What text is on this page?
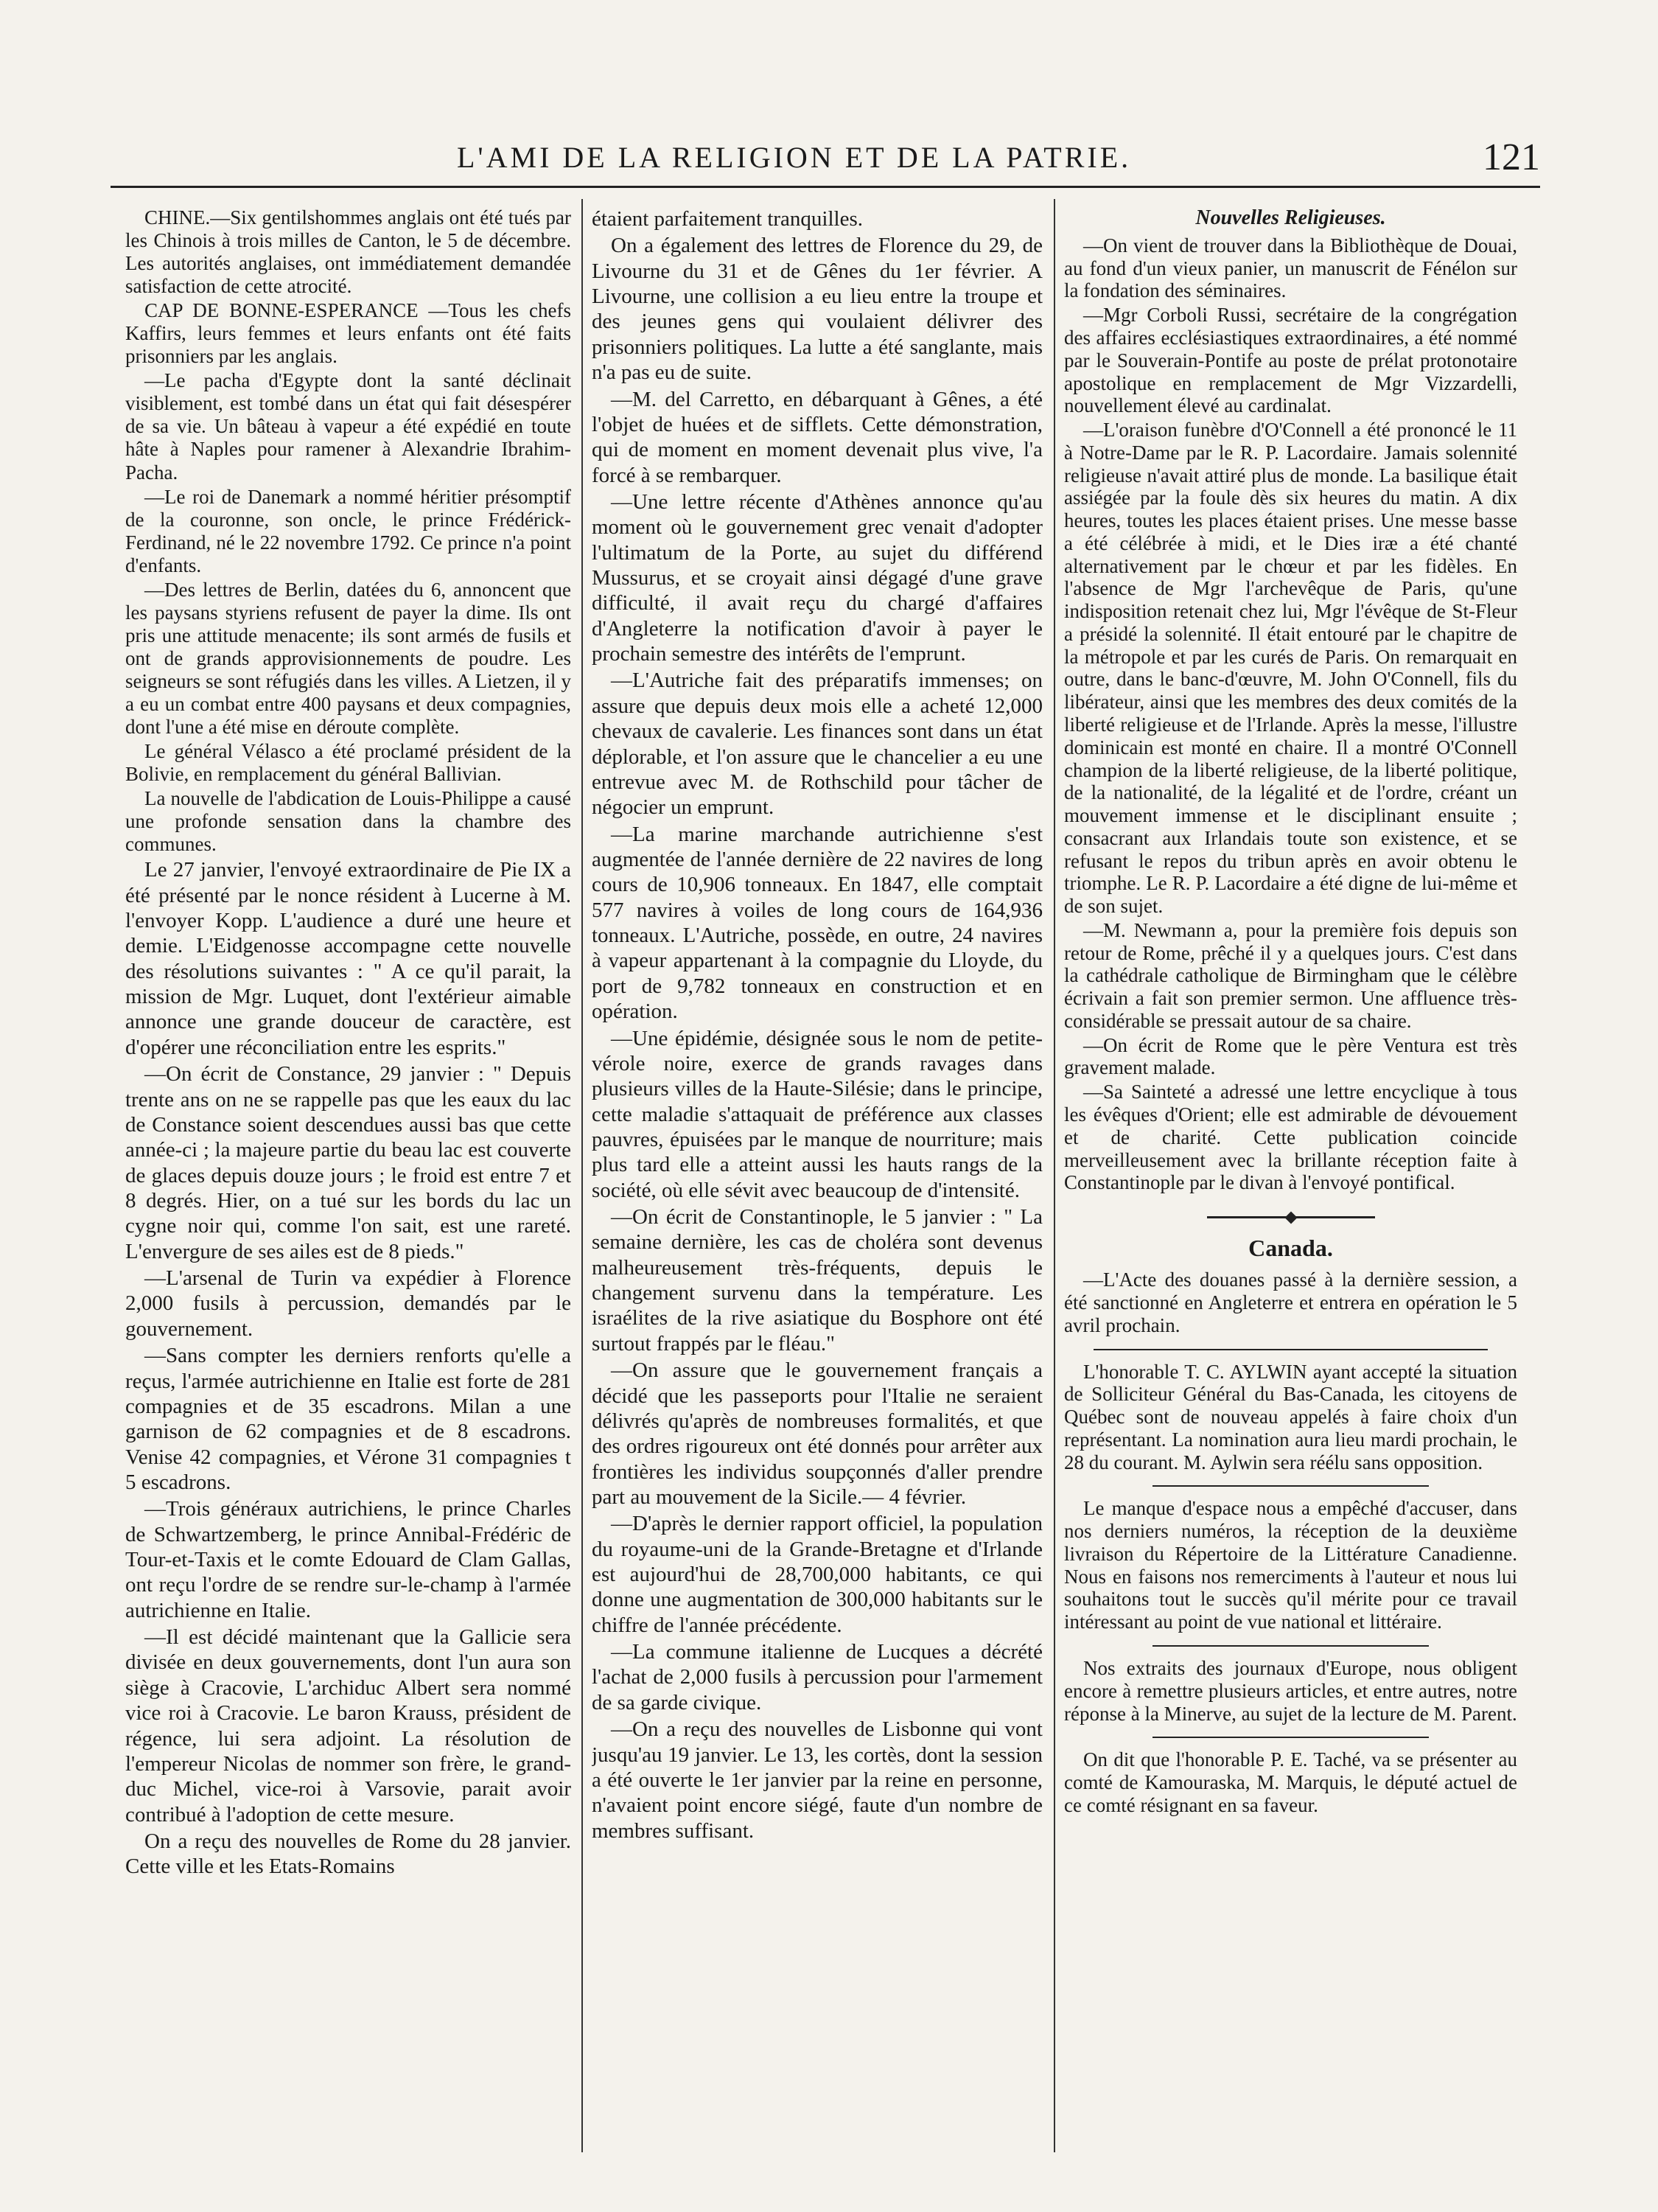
L'AMI DE LA RELIGION ET DE LA PATRIE.	121

CHINE.—Six gentilshommes anglais ont été tués par les Chinois à trois milles de Canton, le 5 de décembre. Les autorités anglaises, ont immédiatement demandée satisfaction de cette atrocité.

CAP DE BONNE-ESPERANCE —Tous les chefs Kaffirs, leurs femmes et leurs enfants ont été faits prisonniers par les anglais.

—Le pacha d'Egypte dont la santé déclinait visiblement, est tombé dans un état qui fait désespérer de sa vie. Un bâteau à vapeur a été expédié en toute hâte à Naples pour ramener à Alexandrie Ibrahim-Pacha.

—Le roi de Danemark a nommé héritier présomptif de la couronne, son oncle, le prince Frédérick-Ferdinand, né le 22 novembre 1792. Ce prince n'a point d'enfants.

—Des lettres de Berlin, datées du 6, annoncent que les paysans styriens refusent de payer la dime. Ils ont pris une attitude menacente; ils sont armés de fusils et ont de grands approvisionnements de poudre. Les seigneurs se sont réfugiés dans les villes. A Lietzen, il y a eu un combat entre 400 paysans et deux compagnies, dont l'une a été mise en déroute complète.

Le général Vélasco a été proclamé président de la Bolivie, en remplacement du général Ballivian.

La nouvelle de l'abdication de Louis-Philippe a causé une profonde sensation dans la chambre des communes.

Le 27 janvier, l'envoyé extraordinaire de Pie IX a été présenté par le nonce résident à Lucerne à M. l'envoyer Kopp. L'audience a duré une heure et demie. L'Eidgenosse accompagne cette nouvelle des résolutions suivantes : " A ce qu'il parait, la mission de Mgr. Luquet, dont l'extérieur aimable annonce une grande douceur de caractère, est d'opérer une réconciliation entre les esprits."

—On écrit de Constance, 29 janvier : " Depuis trente ans on ne se rappelle pas que les eaux du lac de Constance soient descendues aussi bas que cette année-ci ; la majeure partie du beau lac est couverte de glaces depuis douze jours ; le froid est entre 7 et 8 degrés. Hier, on a tué sur les bords du lac un cygne noir qui, comme l'on sait, est une rareté. L'envergure de ses ailes est de 8 pieds."

—L'arsenal de Turin va expédier à Florence 2,000 fusils à percussion, demandés par le gouvernement.

—Sans compter les derniers renforts qu'elle a reçus, l'armée autrichienne en Italie est forte de 281 compagnies et de 35 escadrons. Milan a une garnison de 62 compagnies et de 8 escadrons. Venise 42 compagnies, et Vérone 31 compagnies t 5 escadrons.

—Trois généraux autrichiens, le prince Charles de Schwartzemberg, le prince Annibal-Frédéric de Tour-et-Taxis et le comte Edouard de Clam Gallas, ont reçu l'ordre de se rendre sur-le-champ à l'armée autrichienne en Italie.

—Il est décidé maintenant que la Gallicie sera divisée en deux gouvernements, dont l'un aura son siège à Cracovie, L'archiduc Albert sera nommé vice roi à Cracovie. Le baron Krauss, président de régence, lui sera adjoint. La résolution de l'empereur Nicolas de nommer son frère, le grand-duc Michel, vice-roi à Varsovie, parait avoir contribué à l'adoption de cette mesure.

On a reçu des nouvelles de Rome du 28 janvier. Cette ville et les Etats-Romains

étaient parfaitement tranquilles.

On a également des lettres de Florence du 29, de Livourne du 31 et de Gênes du 1er février. A Livourne, une collision a eu lieu entre la troupe et des jeunes gens qui voulaient délivrer des prisonniers politiques. La lutte a été sanglante, mais n'a pas eu de suite.

—M. del Carretto, en débarquant à Gênes, a été l'objet de huées et de sifflets. Cette démonstration, qui de moment en moment devenait plus vive, l'a forcé à se rembarquer.

—Une lettre récente d'Athènes annonce qu'au moment où le gouvernement grec venait d'adopter l'ultimatum de la Porte, au sujet du différend Mussurus, et se croyait ainsi dégagé d'une grave difficulté, il avait reçu du chargé d'affaires d'Angleterre la notification d'avoir à payer le prochain semestre des intérêts de l'emprunt.

—L'Autriche fait des préparatifs immenses; on assure que depuis deux mois elle a acheté 12,000 chevaux de cavalerie. Les finances sont dans un état déplorable, et l'on assure que le chancelier a eu une entrevue avec M. de Rothschild pour tâcher de négocier un emprunt.

—La marine marchande autrichienne s'est augmentée de l'année dernière de 22 navires de long cours de 10,906 tonneaux. En 1847, elle comptait 577 navires à voiles de long cours de 164,936 tonneaux. L'Autriche, possède, en outre, 24 navires à vapeur appartenant à la compagnie du Lloyde, du port de 9,782 tonneaux en construction et en opération.

—Une épidémie, désignée sous le nom de petite-vérole noire, exerce de grands ravages dans plusieurs villes de la Haute-Silésie; dans le principe, cette maladie s'attaquait de préférence aux classes pauvres, épuisées par le manque de nourriture; mais plus tard elle a atteint aussi les hauts rangs de la société, où elle sévit avec beaucoup de d'intensité.

—On écrit de Constantinople, le 5 janvier : " La semaine dernière, les cas de choléra sont devenus malheureusement très-fréquents, depuis le changement survenu dans la température. Les israélites de la rive asiatique du Bosphore ont été surtout frappés par le fléau."

—On assure que le gouvernement français a décidé que les passeports pour l'Italie ne seraient délivrés qu'après de nombreuses formalités, et que des ordres rigoureux ont été donnés pour arrêter aux frontières les individus soupçonnés d'aller prendre part au mouvement de la Sicile.— 4 février.

—D'après le dernier rapport officiel, la population du royaume-uni de la Grande-Bretagne et d'Irlande est aujourd'hui de 28,700,000 habitants, ce qui donne une augmentation de 300,000 habitants sur le chiffre de l'année précédente.

—La commune italienne de Lucques a décrété l'achat de 2,000 fusils à percussion pour l'armement de sa garde civique.

—On a reçu des nouvelles de Lisbonne qui vont jusqu'au 19 janvier. Le 13, les cortès, dont la session a été ouverte le 1er janvier par la reine en personne, n'avaient point encore siégé, faute d'un nombre de membres suffisant.

Nouvelles Religieuses.

—On vient de trouver dans la Bibliothèque de Douai, au fond d'un vieux panier, un manuscrit de Fénélon sur la fondation des séminaires.

—Mgr Corboli Russi, secrétaire de la congrégation des affaires ecclésiastiques extraordinaires, a été nommé par le Souverain-Pontife au poste de prélat protonotaire apostolique en remplacement de Mgr Vizzardelli, nouvellement élevé au cardinalat.

—L'oraison funèbre d'O'Connell a été prononcé le 11 à Notre-Dame par le R. P. Lacordaire. Jamais solennité religieuse n'avait attiré plus de monde. La basilique était assiégée par la foule dès six heures du matin. A dix heures, toutes les places étaient prises. Une messe basse a été célébrée à midi, et le Dies iræ a été chanté alternativement par le chœur et par les fidèles. En l'absence de Mgr l'archevêque de Paris, qu'une indisposition retenait chez lui, Mgr l'évêque de St-Fleur a présidé la solennité. Il était entouré par le chapitre de la métropole et par les curés de Paris. On remarquait en outre, dans le banc-d'œuvre, M. John O'Connell, fils du libérateur, ainsi que les membres des deux comités de la liberté religieuse et de l'Irlande. Après la messe, l'illustre dominicain est monté en chaire. Il a montré O'Connell champion de la liberté religieuse, de la liberté politique, de la nationalité, de la légalité et de l'ordre, créant un mouvement immense et le disciplinant ensuite ; consacrant aux Irlandais toute son existence, et se refusant le repos du tribun après en avoir obtenu le triomphe. Le R. P. Lacordaire a été digne de lui-même et de son sujet.

—M. Newmann a, pour la première fois depuis son retour de Rome, prêché il y a quelques jours. C'est dans la cathédrale catholique de Birmingham que le célèbre écrivain a fait son premier sermon. Une affluence très-considérable se pressait autour de sa chaire.

—On écrit de Rome que le père Ventura est très gravement malade.

—Sa Sainteté a adressé une lettre encyclique à tous les évêques d'Orient; elle est admirable de dévouement et de charité. Cette publication coincide merveilleusement avec la brillante réception faite à Constantinople par le divan à l'envoyé pontifical.

Canada.

—L'Acte des douanes passé à la dernière session, a été sanctionné en Angleterre et entrera en opération le 5 avril prochain.

L'honorable T. C. AYLWIN ayant accepté la situation de Solliciteur Général du Bas-Canada, les citoyens de Québec sont de nouveau appelés à faire choix d'un représentant. La nomination aura lieu mardi prochain, le 28 du courant. M. Aylwin sera réélu sans opposition.

Le manque d'espace nous a empêché d'accuser, dans nos derniers numéros, la réception de la deuxième livraison du Répertoire de la Littérature Canadienne. Nous en faisons nos remerciments à l'auteur et nous lui souhaitons tout le succès qu'il mérite pour ce travail intéressant au point de vue national et littéraire.

Nos extraits des journaux d'Europe, nous obligent encore à remettre plusieurs articles, et entre autres, notre réponse à la Minerve, au sujet de la lecture de M. Parent.

On dit que l'honorable P. E. Taché, va se présenter au comté de Kamouraska, M. Marquis, le député actuel de ce comté résignant en sa faveur.
